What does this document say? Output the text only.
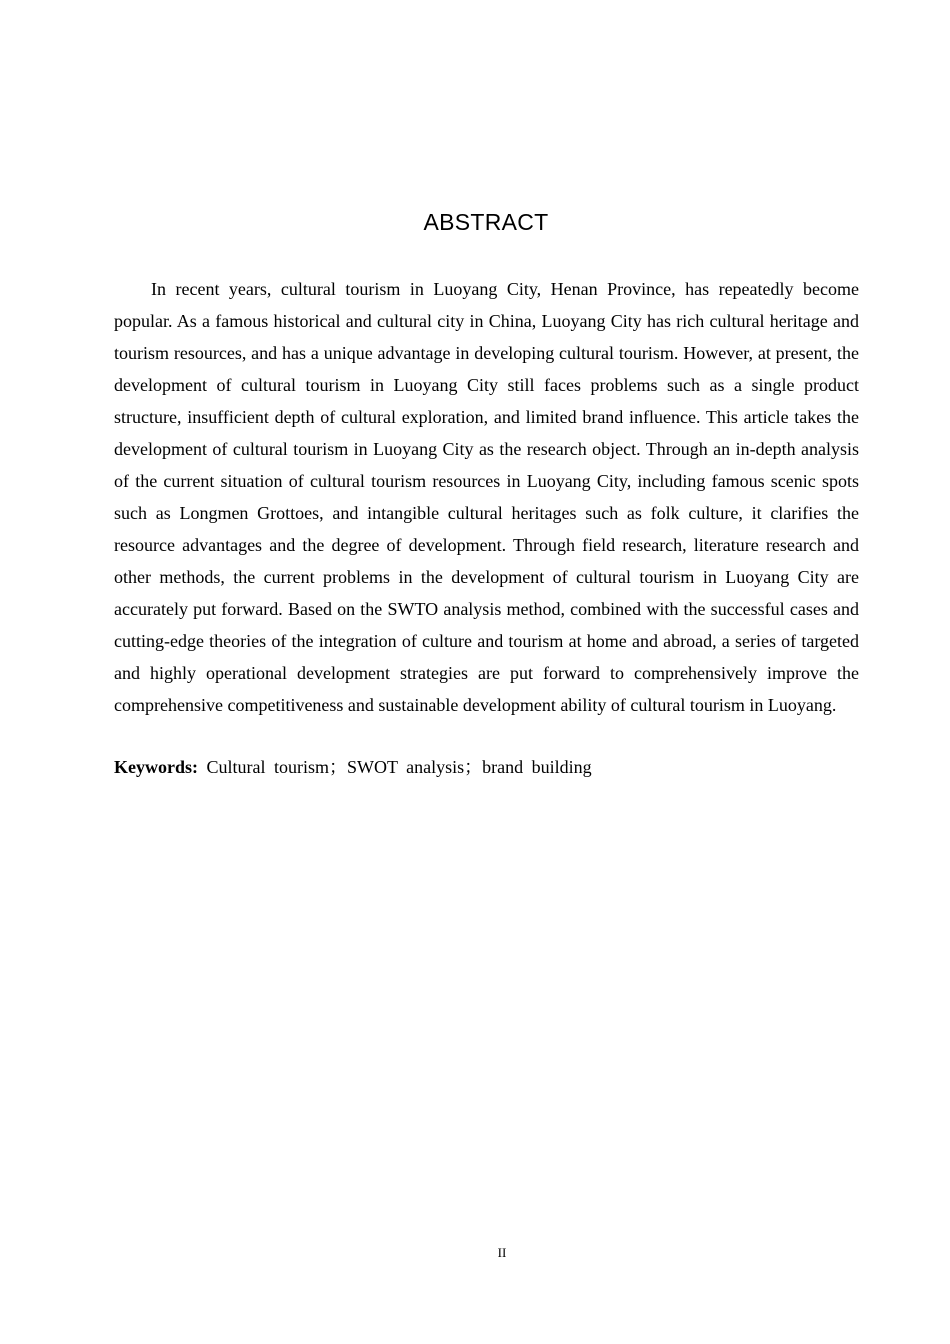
ABSTRACT

In recent years, cultural tourism in Luoyang City, Henan Province, has repeatedly become popular. As a famous historical and cultural city in China, Luoyang City has rich cultural heritage and tourism resources, and has a unique advantage in developing cultural tourism. However, at present, the development of cultural tourism in Luoyang City still faces problems such as a single product structure, insufficient depth of cultural exploration, and limited brand influence. This article takes the development of cultural tourism in Luoyang City as the research object. Through an in-depth analysis of the current situation of cultural tourism resources in Luoyang City, including famous scenic spots such as Longmen Grottoes, and intangible cultural heritages such as folk culture, it clarifies the resource advantages and the degree of development. Through field research, literature research and other methods, the current problems in the development of cultural tourism in Luoyang City are accurately put forward. Based on the SWTO analysis method, combined with the successful cases and cutting-edge theories of the integration of culture and tourism at home and abroad, a series of targeted and highly operational development strategies are put forward to comprehensively improve the comprehensive competitiveness and sustainable development ability of cultural tourism in Luoyang.

Keywords: Cultural tourism；SWOT analysis；brand building
II
